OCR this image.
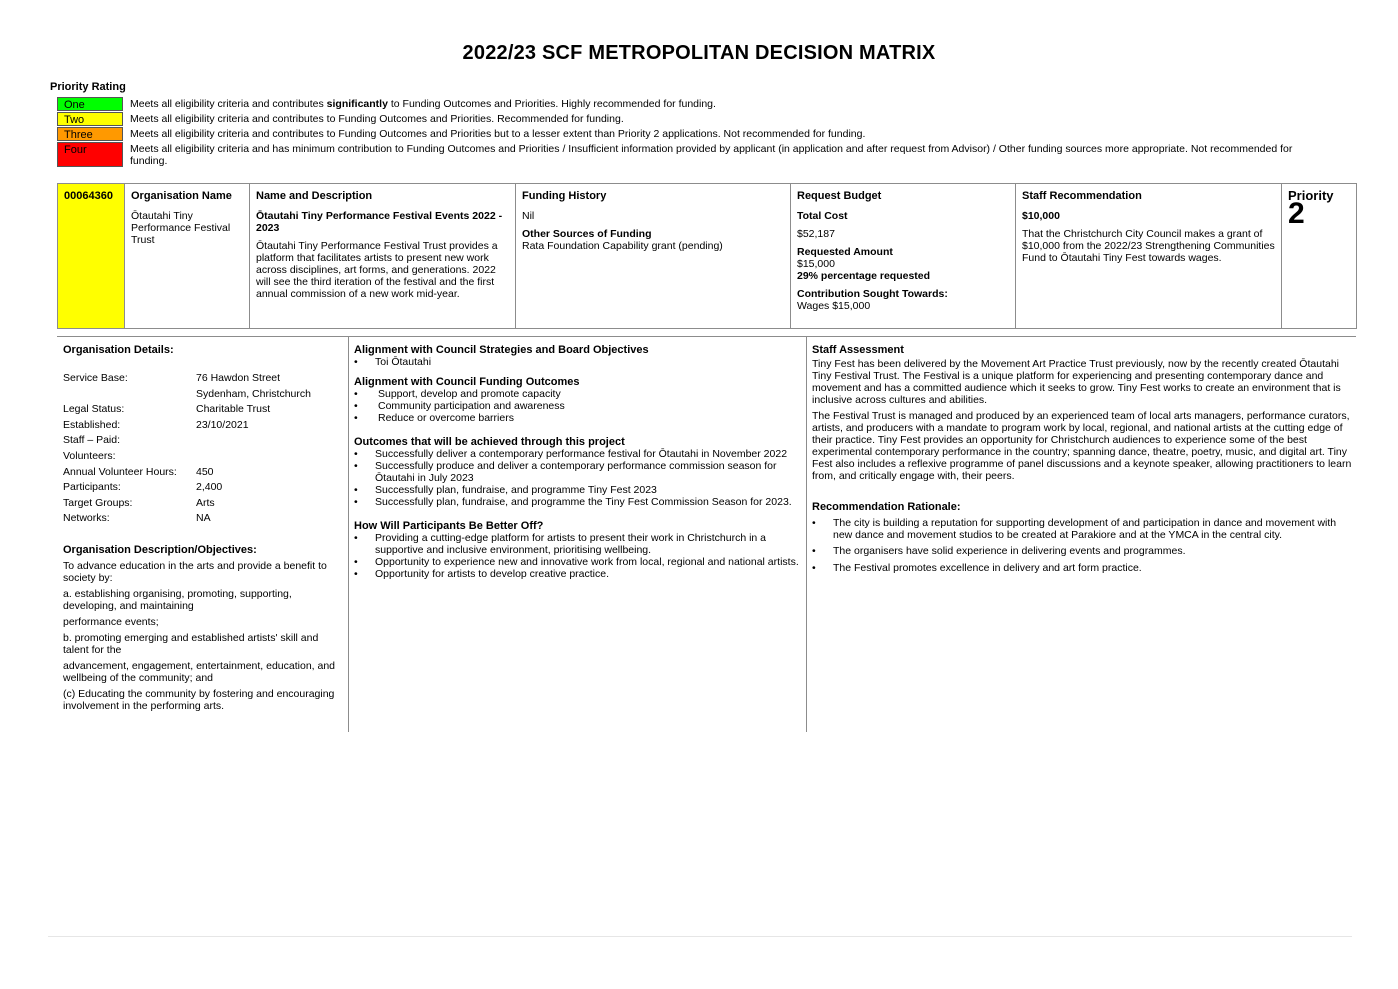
2022/23 SCF METROPOLITAN DECISION MATRIX
Priority Rating
One	Meets all eligibility criteria and contributes significantly to Funding Outcomes and Priorities. Highly recommended for funding.
Two	Meets all eligibility criteria and contributes to Funding Outcomes and Priorities. Recommended for funding.
Three	Meets all eligibility criteria and contributes to Funding Outcomes and Priorities but to a lesser extent than Priority 2 applications. Not recommended for funding.
Four	Meets all eligibility criteria and has minimum contribution to Funding Outcomes and Priorities / Insufficient information provided by applicant (in application and after request from Advisor) / Other funding sources more appropriate. Not recommended for funding.
00064360	Organisation Name
Ōtautahi Tiny Performance Festival Trust

Name and Description
Ōtautahi Tiny Performance Festival Events 2022 - 2023
Ōtautahi Tiny Performance Festival Trust provides a platform that facilitates artists to present new work across disciplines, art forms, and generations. 2022 will see the third iteration of the festival and the first annual commission of a new work mid-year.

Funding History
Nil
Other Sources of Funding
Rata Foundation Capability grant (pending)

Request Budget
Total Cost
$52,187
Requested Amount
$15,000
29% percentage requested
Contribution Sought Towards:
Wages $15,000

Staff Recommendation
$10,000
That the Christchurch City Council makes a grant of $10,000 from the 2022/23 Strengthening Communities Fund to Ōtautahi Tiny Fest towards wages.

Priority
2

Organisation Details:

Service Base:	76 Hawdon Street
Sydenham, Christchurch
Legal Status:	Charitable Trust
Established:	23/10/2021
Staff – Paid:
Volunteers:
Annual Volunteer Hours:	450
Participants:	2,400
Target Groups:	Arts
Networks:	NA

Organisation Description/Objectives:

To advance education in the arts and provide a benefit to society by:

a. establishing organising, promoting, supporting, developing, and maintaining

performance events;

b. promoting emerging and established artists' skill and talent for the

advancement, engagement, entertainment, education, and wellbeing of the community; and

(c) Educating the community by fostering and encouraging involvement in the performing arts.

Alignment with Council Strategies and Board Objectives

• Toi Ōtautahi

Alignment with Council Funding Outcomes

• Support, develop and promote capacity
• Community participation and awareness
• Reduce or overcome barriers

Outcomes that will be achieved through this project

• Successfully deliver a contemporary performance festival for Ōtautahi in November 2022
• Successfully produce and deliver a contemporary performance commission season for Ōtautahi in July 2023
• Successfully plan, fundraise, and programme Tiny Fest 2023
• Successfully plan, fundraise, and programme the Tiny Fest Commission Season for 2023.

How Will Participants Be Better Off?

• Providing a cutting-edge platform for artists to present their work in Christchurch in a supportive and inclusive environment, prioritising wellbeing.
• Opportunity to experience new and innovative work from local, regional and national artists.
• Opportunity for artists to develop creative practice.

Staff Assessment

Tiny Fest has been delivered by the Movement Art Practice Trust previously, now by the recently created Ōtautahi Tiny Festival Trust. The Festival is a unique platform for experiencing and presenting contemporary dance and movement and has a committed audience which it seeks to grow. Tiny Fest works to create an environment that is inclusive across cultures and abilities.

The Festival Trust is managed and produced by an experienced team of local arts managers, performance curators, artists, and producers with a mandate to program work by local, regional, and national artists at the cutting edge of their practice. Tiny Fest provides an opportunity for Christchurch audiences to experience some of the best experimental contemporary performance in the country; spanning dance, theatre, poetry, music, and digital art. Tiny Fest also includes a reflexive programme of panel discussions and a keynote speaker, allowing practitioners to learn from, and critically engage with, their peers.

Recommendation Rationale:

• The city is building a reputation for supporting development of and participation in dance and movement with new dance and movement studios to be created at Parakiore and at the YMCA in the central city.
• The organisers have solid experience in delivering events and programmes.
• The Festival promotes excellence in delivery and art form practice.
